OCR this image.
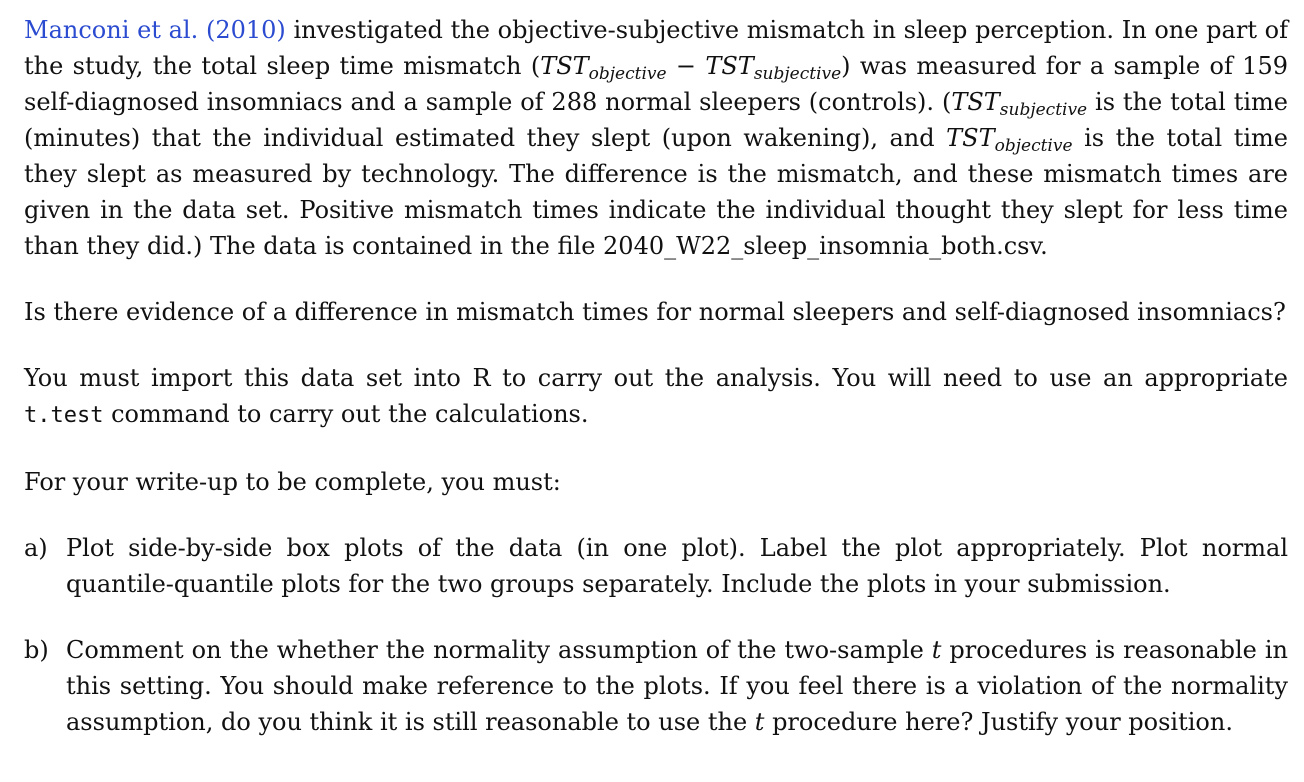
Manconi et al. (2010) investigated the objective-subjective mismatch in sleep perception. In one part of the study, the total sleep time mismatch $(TST_{objective} - TST_{subjective})$ was measured for a sample of 159 self-diagnosed insomniacs and a sample of 288 normal sleepers (controls). ($TST_{subjective}$ is the total time (minutes) that the individual estimated they slept (upon wakening), and $TST_{objective}$ is the total time they slept as measured by technology. The difference is the mismatch, and these mismatch times are given in the data set. Positive mismatch times indicate the individual thought they slept for less time than they did.) The data is contained in the file 2040_W22_sleep_insomnia_both.csv.

Is there evidence of a difference in mismatch times for normal sleepers and self-diagnosed insomniacs?

You must import this data set into R to carry out the analysis. You will need to use an appropriate t.test command to carry out the calculations.

For your write-up to be complete, you must:

a) Plot side-by-side box plots of the data (in one plot). Label the plot appropriately. Plot normal quantile-quantile plots for the two groups separately. Include the plots in your submission.
b) Comment on the whether the normality assumption of the two-sample t procedures is reasonable in this setting. You should make reference to the plots. If you feel there is a violation of the normality assumption, do you think it is still reasonable to use the t procedure here? Justify your position.
